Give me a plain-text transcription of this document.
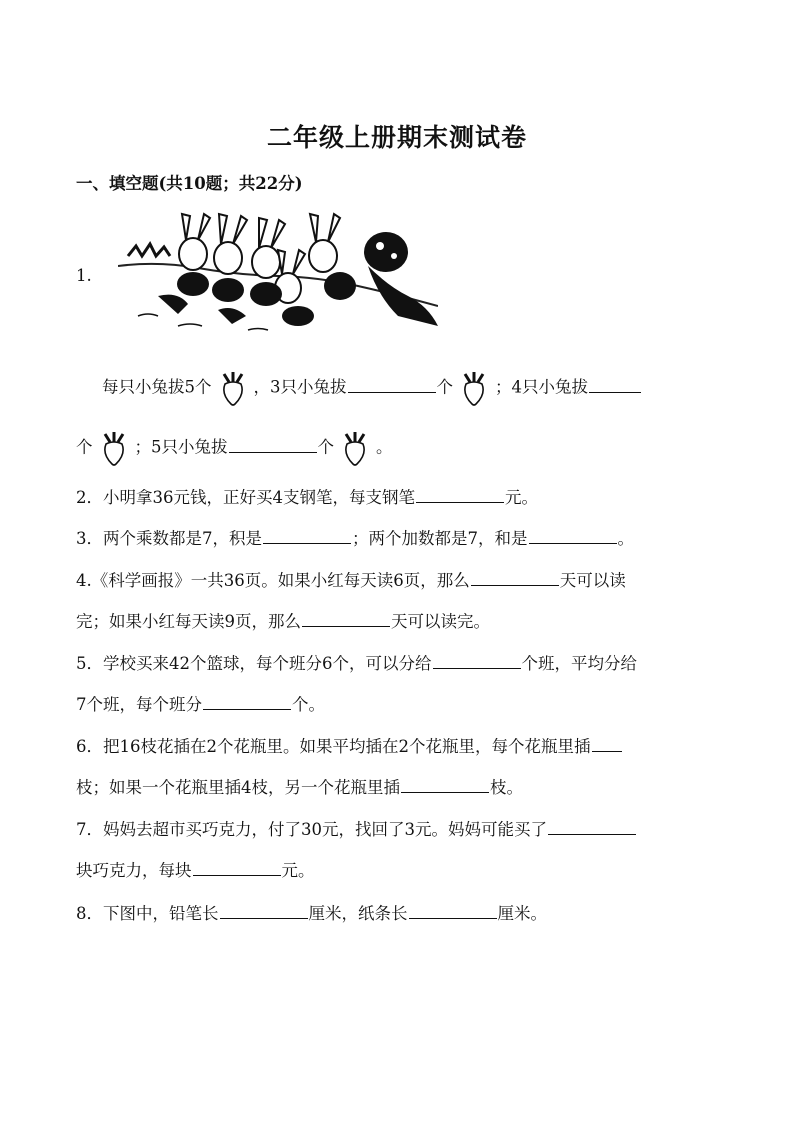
二年级上册期末测试卷
一、填空题(共10题；共22分)
1.
每只小兔拔5个	，3只小兔拔	个	；4只小兔拔
个	；5只小兔拔	个	。
2．小明拿36元钱，正好买4支钢笔，每支钢笔	元。
3．两个乘数都是7，积是	；两个加数都是7，和是	。
4.《科学画报》一共36页。如果小红每天读6页，那么	天可以读
完；如果小红每天读9页，那么	天可以读完。
5．学校买来42个篮球，每个班分6个，可以分给	个班，平均分给
7个班，每个班分	个。
6．把16枝花插在2个花瓶里。如果平均插在2个花瓶里，每个花瓶里插
枝；如果一个花瓶里插4枝，另一个花瓶里插	枝。
7．妈妈去超市买巧克力，付了30元，找回了3元。妈妈可能买了
块巧克力，每块	元。
8．下图中，铅笔长	厘米，纸条长	厘米。
